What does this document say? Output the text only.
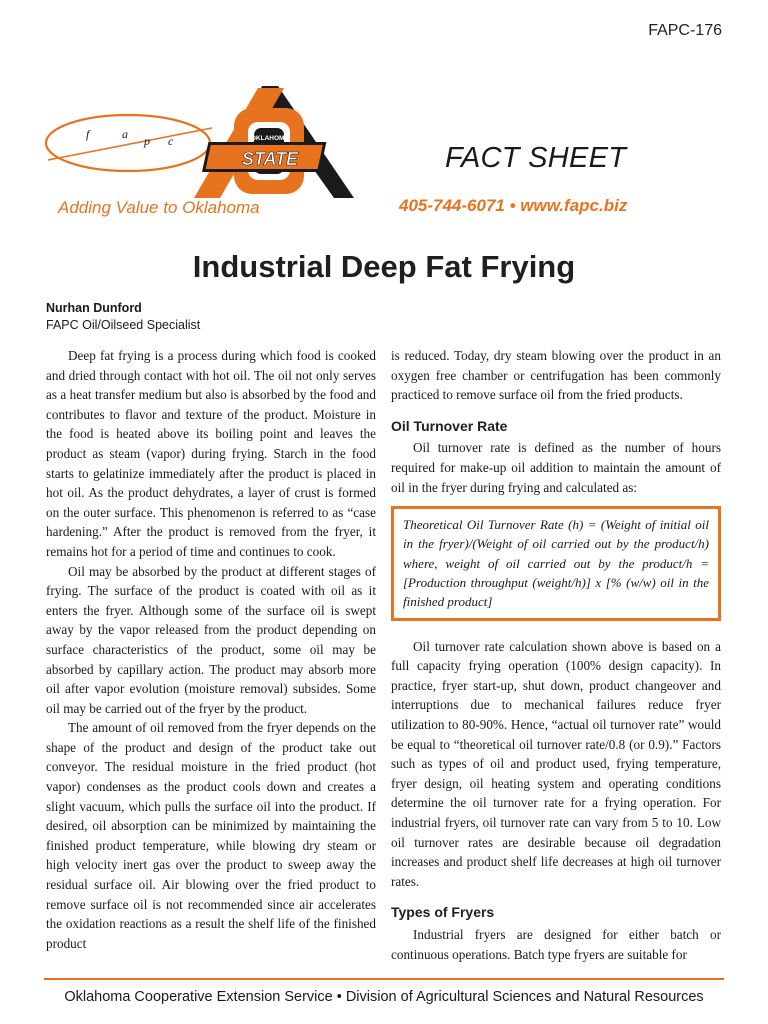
FAPC-176
f	a p c	OKLAHOMA
STATE
UNIVERSITY
FACT SHEET
405-744-6071 • www.fapc.biz
Adding Value to Oklahoma
Industrial Deep Fat Frying
Nurhan Dunford
FAPC Oil/Oilseed Specialist

Deep fat frying is a process during which food is cooked and dried through contact with hot oil. The oil not only serves as a heat transfer medium but also is absorbed by the food and contributes to flavor and texture of the product. Moisture in the food is heated above its boiling point and leaves the product as steam (vapor) during frying. Starch in the food starts to gelatinize immediately after the product is placed in hot oil. As the product dehydrates, a layer of crust is formed on the outer surface. This phenomenon is referred to as “case hardening.” After the product is removed from the fryer, it remains hot for a period of time and continues to cook.

Oil may be absorbed by the product at different stages of frying. The surface of the product is coated with oil as it enters the fryer. Although some of the surface oil is swept away by the vapor released from the product depending on surface characteristics of the product, some oil may be absorbed by capillary action. The product may absorb more oil after vapor evolution (moisture removal) subsides. Some oil may be carried out of the fryer by the product.

The amount of oil removed from the fryer depends on the shape of the product and design of the product take out conveyor. The residual moisture in the fried product (hot vapor) condenses as the product cools down and creates a slight vacuum, which pulls the surface oil into the product. If desired, oil absorption can be minimized by maintaining the finished product temperature, while blowing dry steam or high velocity inert gas over the product to sweep away the residual surface oil. Air blowing over the fried product to remove surface oil is not recommended since air accelerates the oxidation reactions as a result the shelf life of the finished product

is reduced. Today, dry steam blowing over the product in an oxygen free chamber or centrifugation has been commonly practiced to remove surface oil from the fried products.

Oil Turnover Rate

Oil turnover rate is defined as the number of hours required for make-up oil addition to maintain the amount of oil in the fryer during frying and calculated as:

Theoretical Oil Turnover Rate (h) = (Weight of initial oil in the fryer)/(Weight of oil carried out by the product/h) where, weight of oil carried out by the product/h = [Production throughput (weight/h)] x [% (w/w) oil in the finished product]

Oil turnover rate calculation shown above is based on a full capacity frying operation (100% design capacity). In practice, fryer start-up, shut down, product changeover and interruptions due to mechanical failures reduce fryer utilization to 80-90%. Hence, “actual oil turnover rate” would be equal to “theoretical oil turnover rate/0.8 (or 0.9).” Factors such as types of oil and product used, frying temperature, fryer design, oil heating system and operating conditions determine the oil turnover rate for a frying operation. For industrial fryers, oil turnover rate can vary from 5 to 10. Low oil turnover rates are desirable because oil degradation increases and product shelf life decreases at high oil turnover rates.

Types of Fryers

Industrial fryers are designed for either batch or continuous operations. Batch type fryers are suitable for

Oklahoma Cooperative Extension Service • Division of Agricultural Sciences and Natural Resources
